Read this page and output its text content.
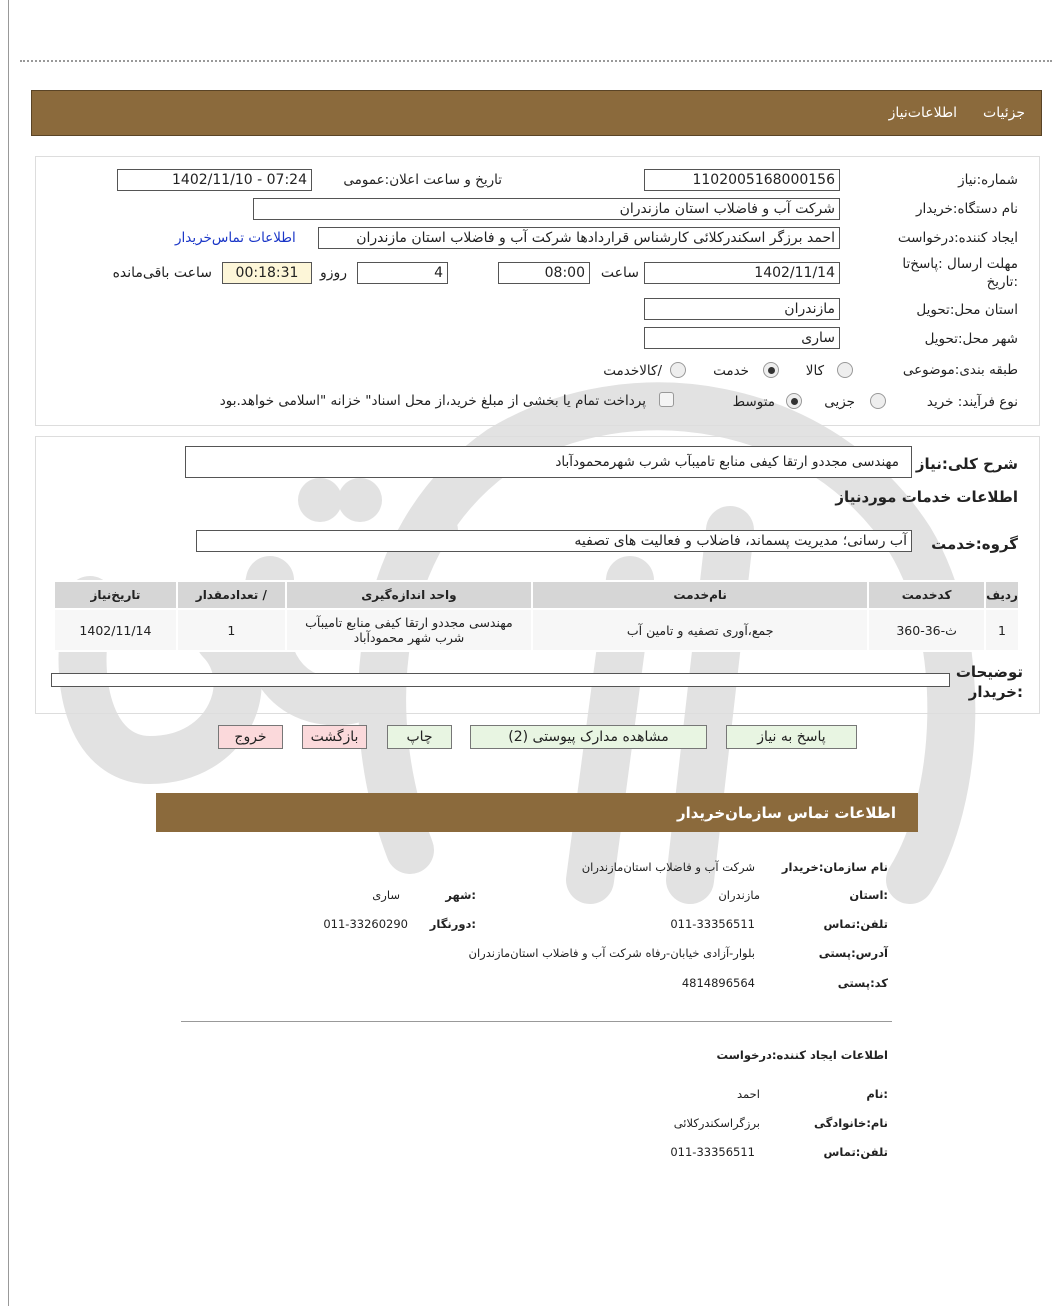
جزئیات
اطلاعات‌نیاز
شماره:نیاز
1102005168000156
تاریخ و ساعت اعلان:عمومی
1402/11/10 - 07:24
نام دستگاه:خریدار
شرکت آب و فاضلاب استان مازندران
ایجاد کننده:درخواست
احمد برزگر اسکندرکلائی کارشناس قراردادها شرکت آب و فاضلاب استان مازندران
اطلاعات تماس‌خریدار
مهلت ارسال :پاسخ‌تا
:تاریخ
1402/11/14
ساعت
08:00
4
روزو
00:18:31
ساعت باقی‌مانده
استان محل:تحویل
مازندران
شهر محل:تحویل
ساری
طبقه بندی:موضوعی
کالا
خدمت
/کالاخدمت
نوع فرآیند: خرید
جزیی
متوسط
پرداخت تمام یا بخشی از مبلغ خرید،از محل اسناد" خزانه "اسلامی خواهد.بود
شرح کلی:نیاز
مهندسی مجددو ارتقا کیفی منابع تامیبآب شرب شهرمحمودآباد
اطلاعات خدمات موردنیاز
گروه:خدمت
آب رسانی؛ مدیریت پسماند، فاضلاب و فعالیت های تصفیه
ردیف	کدخدمت	نام‌خدمت	واحد اندازه‌گیری	/ تعدادمقدار	تاریخ‌نیاز
1	ث-36-360	جمع‌،آوری تصفیه و تامین آب	مهندسی مجددو ارتقا کیفی منابع تامیبآب شرب شهر محمودآباد	1	1402/11/14
توضیحات
:خریدار
پاسخ به نیاز
مشاهده مدارک پیوستی (2)
چاپ
بازگشت
خروج
اطلاعات تماس سازمان‌خریدار
نام سازمان:خریدار
شرکت آب و فاضلاب استان‌مازندران
:استان
مازندران
:شهر
ساری
تلفن:تماس
011-33356511
:دورنگار
011-33260290
آدرس:پستی
بلوار-آزادی خیابان-رفاه شرکت آب و فاضلاب استان‌مازندران
کد:پستی
4814896564
اطلاعات ایجاد کننده:درخواست
:نام
احمد
نام:خانوادگی
برزگراسکندرکلائی
تلفن:تماس
011-33356511
